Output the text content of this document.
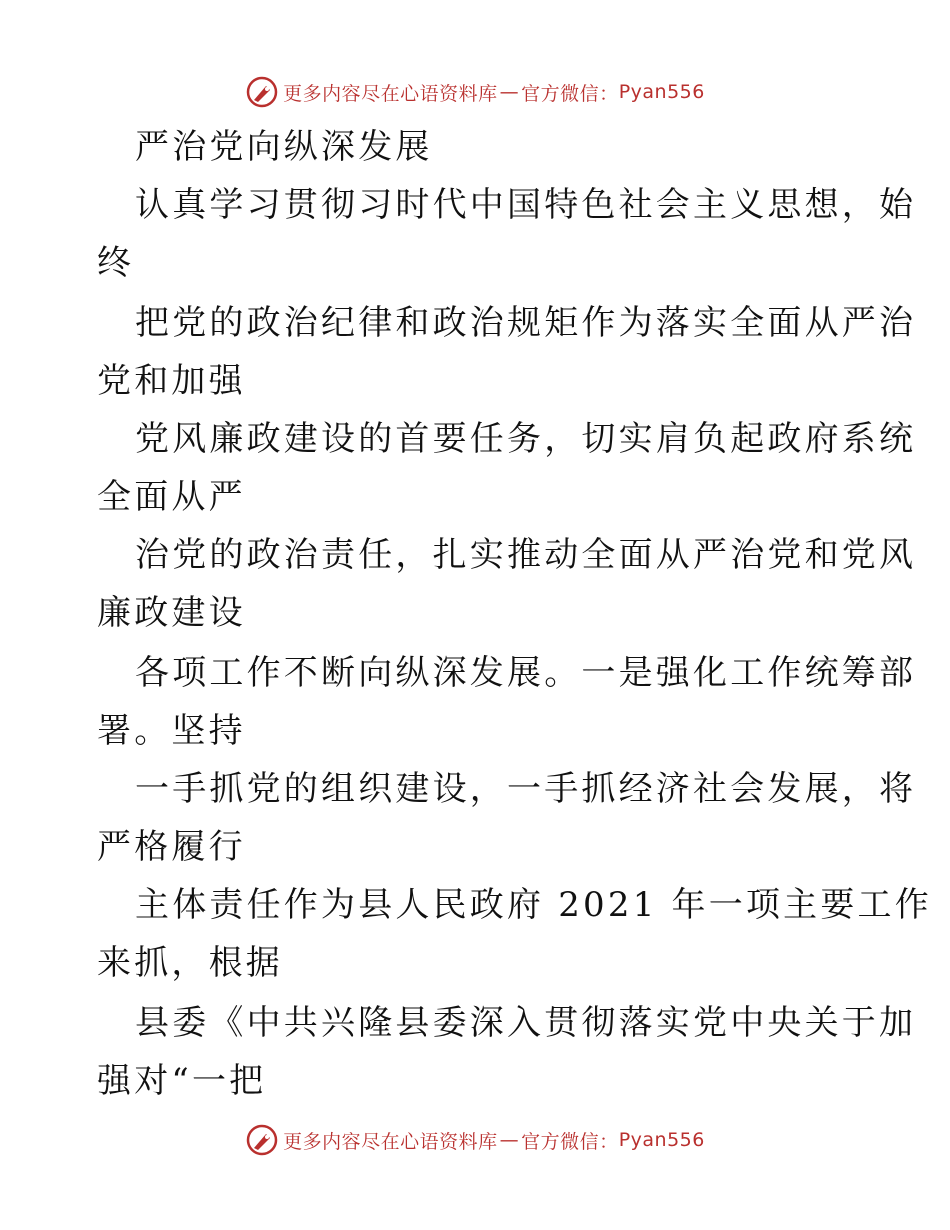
更多内容尽在心语资料库 — 官方微信： Pyan556
严治党向纵深发展
认真学习贯彻习时代中国特色社会主义思想，始
终
把党的政治纪律和政治规矩作为落实全面从严治
党和加强
党风廉政建设的首要任务，切实肩负起政府系统
全面从严
治党的政治责任，扎实推动全面从严治党和党风
廉政建设
各项工作不断向纵深发展。一是强化工作统筹部
署。坚持
一手抓党的组织建设，一手抓经济社会发展，将
严格履行
主体责任作为县人民政府 2021 年一项主要工作
来抓，根据
县委《中共兴隆县委深入贯彻落实党中央关于加
强对“一把
更多内容尽在心语资料库 — 官方微信： Pyan556
